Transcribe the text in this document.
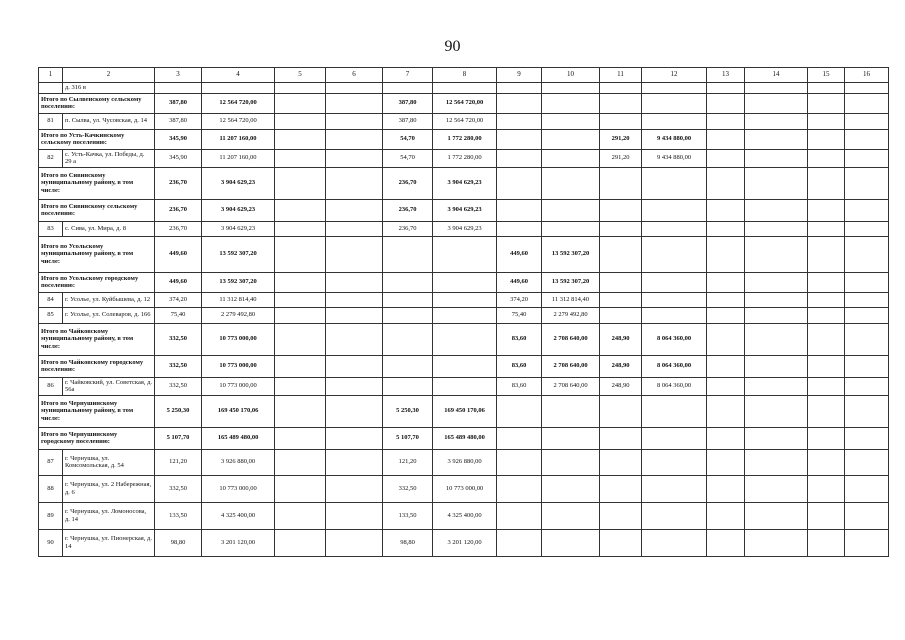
90
1	2	3	4	5	6	7	8	9	10	11	12	13	14	15	16
	д. 316 в														
Итого по Сылвенскому сельскому поселению:		387,80	12 564 720,00			387,80	12 564 720,00								
81	п. Сылва, ул. Чусовская, д. 14	387,80	12 564 720,00			387,80	12 564 720,00								
Итого по Усть-Качкинскому сельскому поселению:		345,90	11 207 160,00			54,70	1 772 280,00			291,20	9 434 880,00				
82	с. Усть-Качка, ул. Победы, д. 29 а	345,90	11 207 160,00			54,70	1 772 280,00			291,20	9 434 880,00				
Итого по Сивинскому муниципальному району, в том числе:		236,70	3 904 629,23			236,70	3 904 629,23								
Итого по Сивинскому сельскому поселению:		236,70	3 904 629,23			236,70	3 904 629,23								
83	с. Сива, ул. Мира, д. 8	236,70	3 904 629,23			236,70	3 904 629,23								
Итого по Усольскому муниципальному району, в том числе:		449,60	13 592 307,20					449,60	13 592 307,20						
Итого по Усольскому городскому поселению:		449,60	13 592 307,20					449,60	13 592 307,20						
84	г. Усолье, ул. Куйбышева, д. 12	374,20	11 312 814,40					374,20	11 312 814,40						
85	г. Усолье, ул. Солеваров, д. 166	75,40	2 279 492,80					75,40	2 279 492,80						
Итого по Чайковскому муниципальному району, в том числе:		332,50	10 773 000,00					83,60	2 708 640,00	248,90	8 064 360,00				
Итого по Чайковскому городскому поселению:		332,50	10 773 000,00					83,60	2 708 640,00	248,90	8 064 360,00				
86	г. Чайковский, ул. Советская, д. 56а	332,50	10 773 000,00					83,60	2 708 640,00	248,90	8 064 360,00				
Итого по Чернушинскому муниципальному району, в том числе:		5 250,30	169 450 170,06			5 250,30	169 450 170,06								
Итого по Чернушинскому городскому поселению:		5 107,70	165 489 480,00			5 107,70	165 489 480,00								
87	г. Чернушка, ул. Комсомольская, д. 54	121,20	3 926 880,00			121,20	3 926 880,00								
88	г. Чернушка, ул. 2 Набережная, д. 6	332,50	10 773 000,00			332,50	10 773 000,00								
89	г. Чернушка, ул. Ломоносова, д. 14	133,50	4 325 400,00			133,50	4 325 400,00								
90	г. Чернушка, ул. Пионерская, д. 14	98,80	3 201 120,00			98,80	3 201 120,00								
